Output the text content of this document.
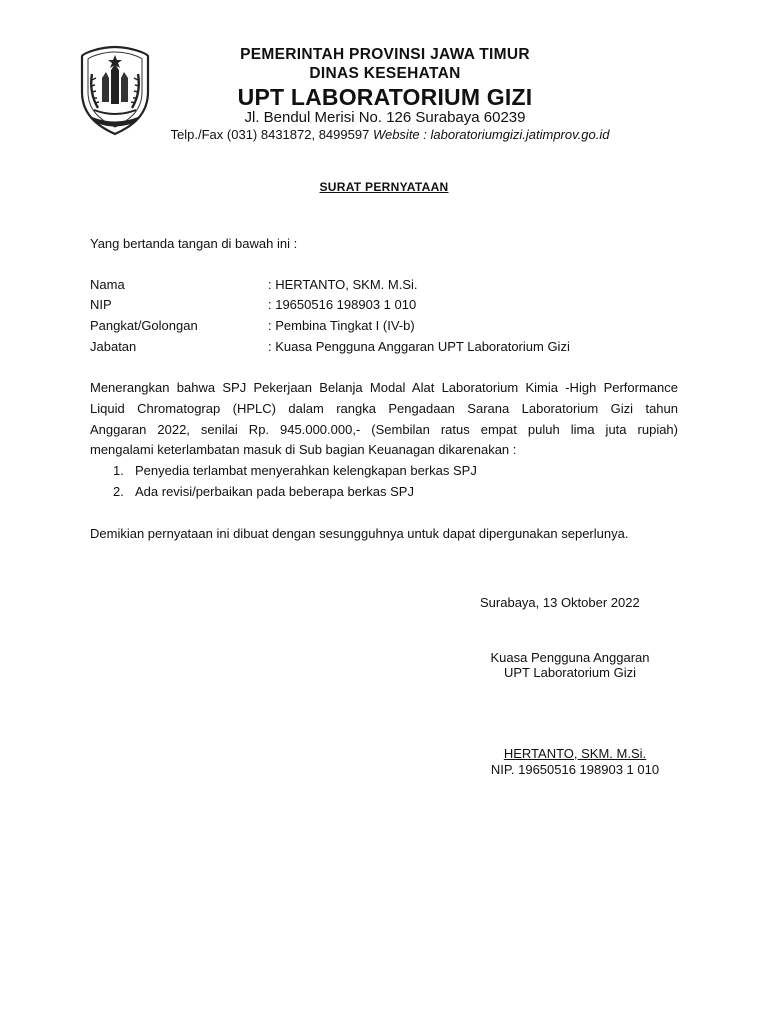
PEMERINTAH PROVINSI JAWA TIMUR
DINAS KESEHATAN
UPT LABORATORIUM GIZI
Jl. Bendul Merisi No. 126 Surabaya 60239
Telp./Fax (031) 8431872, 8499597 Website : laboratoriumgizi.jatimprov.go.id
SURAT PERNYATAAN
Yang bertanda tangan di bawah ini :
Nama	: HERTANTO, SKM. M.Si.
NIP	: 19650516 198903 1 010
Pangkat/Golongan	: Pembina Tingkat I (IV-b)
Jabatan	: Kuasa Pengguna Anggaran UPT Laboratorium Gizi
Menerangkan bahwa SPJ Pekerjaan Belanja Modal Alat Laboratorium Kimia -High Performance
Liquid Chromatograp (HPLC) dalam rangka Pengadaan Sarana Laboratorium Gizi tahun
Anggaran 2022, senilai Rp. 945.000.000,- (Sembilan ratus empat puluh lima juta rupiah)
mengalami keterlambatan masuk di Sub bagian Keuanagan dikarenakan :
1. Penyedia terlambat menyerahkan kelengkapan berkas SPJ
2. Ada revisi/perbaikan pada beberapa berkas SPJ
Demikian pernyataan ini dibuat dengan sesungguhnya untuk dapat dipergunakan seperlunya.
Surabaya, 13 Oktober 2022
Kuasa Pengguna Anggaran
UPT Laboratorium Gizi
HERTANTO, SKM. M.Si.
NIP. 19650516 198903 1 010
